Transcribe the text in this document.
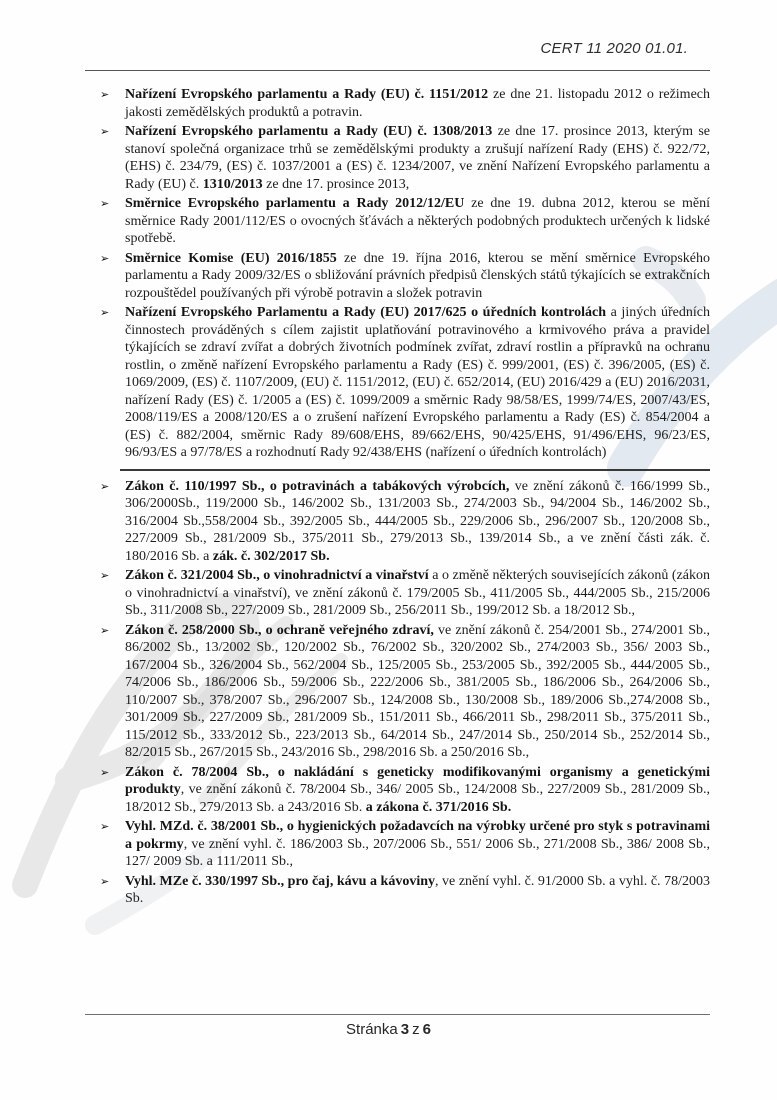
CERT 11 2020 01.01.
➢ Nařízení Evropského parlamentu a Rady (EU) č. 1151/2012 ze dne 21. listopadu 2012 o režimech jakosti zemědělských produktů a potravin.
➢ Nařízení Evropského parlamentu a Rady (EU) č. 1308/2013 ze dne 17. prosince 2013, kterým se stanoví společná organizace trhů se zemědělskými produkty a zrušují nařízení Rady (EHS) č. 922/72, (EHS) č. 234/79, (ES) č. 1037/2001 a (ES) č. 1234/2007, ve znění Nařízení Evropského parlamentu a Rady (EU) č. 1310/2013 ze dne 17. prosince 2013,
➢ Směrnice Evropského parlamentu a Rady 2012/12/EU ze dne 19. dubna 2012, kterou se mění směrnice Rady 2001/112/ES o ovocných šťávách a některých podobných produktech určených k lidské spotřebě.
➢ Směrnice Komise (EU) 2016/1855 ze dne 19. října 2016, kterou se mění směrnice Evropského parlamentu a Rady 2009/32/ES o sbližování právních předpisů členských států týkajících se extrakčních rozpouštědel používaných při výrobě potravin a složek potravin
➢ Nařízení Evropského Parlamentu a Rady (EU) 2017/625 o úředních kontrolách a jiných úředních činnostech prováděných s cílem zajistit uplatňování potravinového a krmivového práva a pravidel týkajících se zdraví zvířat a dobrých životních podmínek zvířat, zdraví rostlin a přípravků na ochranu rostlin, o změně nařízení Evropského parlamentu a Rady (ES) č. 999/2001, (ES) č. 396/2005, (ES) č. 1069/2009, (ES) č. 1107/2009, (EU) č. 1151/2012, (EU) č. 652/2014, (EU) 2016/429 a (EU) 2016/2031, nařízení Rady (ES) č. 1/2005 a (ES) č. 1099/2009 a směrnic Rady 98/58/ES, 1999/74/ES, 2007/43/ES, 2008/119/ES a 2008/120/ES a o zrušení nařízení Evropského parlamentu a Rady (ES) č. 854/2004 a (ES) č. 882/2004, směrnic Rady 89/608/EHS, 89/662/EHS, 90/425/EHS, 91/496/EHS, 96/23/ES, 96/93/ES a 97/78/ES a rozhodnutí Rady 92/438/EHS (nařízení o úředních kontrolách)
➢ Zákon č. 110/1997 Sb., o potravinách a tabákových výrobcích, ve znění zákonů č. 166/1999 Sb., 306/2000Sb., 119/2000 Sb., 146/2002 Sb., 131/2003 Sb., 274/2003 Sb., 94/2004 Sb., 146/2002 Sb., 316/2004 Sb.,558/2004 Sb., 392/2005 Sb., 444/2005 Sb., 229/2006 Sb., 296/2007 Sb., 120/2008 Sb., 227/2009 Sb., 281/2009 Sb., 375/2011 Sb., 279/2013 Sb., 139/2014 Sb., a ve znění části zák. č. 180/2016 Sb. a zák. č. 302/2017 Sb.
➢ Zákon č. 321/2004 Sb., o vinohradnictví a vinařství a o změně některých souvisejících zákonů (zákon o vinohradnictví a vinařství), ve znění zákonů č. 179/2005 Sb., 411/2005 Sb., 444/2005 Sb., 215/2006 Sb., 311/2008 Sb., 227/2009 Sb., 281/2009 Sb., 256/2011 Sb., 199/2012 Sb. a 18/2012 Sb.,
➢ Zákon č. 258/2000 Sb., o ochraně veřejného zdraví, ve znění zákonů č. 254/2001 Sb., 274/2001 Sb., 86/2002 Sb., 13/2002 Sb., 120/2002 Sb., 76/2002 Sb., 320/2002 Sb., 274/2003 Sb., 356/ 2003 Sb., 167/2004 Sb., 326/2004 Sb., 562/2004 Sb., 125/2005 Sb., 253/2005 Sb., 392/2005 Sb., 444/2005 Sb., 74/2006 Sb., 186/2006 Sb., 59/2006 Sb., 222/2006 Sb., 381/2005 Sb., 186/2006 Sb., 264/2006 Sb., 110/2007 Sb., 378/2007 Sb., 296/2007 Sb., 124/2008 Sb., 130/2008 Sb., 189/2006 Sb.,274/2008 Sb., 301/2009 Sb., 227/2009 Sb., 281/2009 Sb., 151/2011 Sb., 466/2011 Sb., 298/2011 Sb., 375/2011 Sb., 115/2012 Sb., 333/2012 Sb., 223/2013 Sb., 64/2014 Sb., 247/2014 Sb., 250/2014 Sb., 252/2014 Sb., 82/2015 Sb., 267/2015 Sb., 243/2016 Sb., 298/2016 Sb. a 250/2016 Sb.,
➢ Zákon č. 78/2004 Sb., o nakládání s geneticky modifikovanými organismy a genetickými produkty, ve znění zákonů č. 78/2004 Sb., 346/ 2005 Sb., 124/2008 Sb., 227/2009 Sb., 281/2009 Sb., 18/2012 Sb., 279/2013 Sb. a 243/2016 Sb. a zákona č. 371/2016 Sb.
➢ Vyhl. MZd. č. 38/2001 Sb., o hygienických požadavcích na výrobky určené pro styk s potravinami a pokrmy, ve znění vyhl. č. 186/2003 Sb., 207/2006 Sb., 551/ 2006 Sb., 271/2008 Sb., 386/ 2008 Sb., 127/ 2009 Sb. a 111/2011 Sb.,
➢ Vyhl. MZe č. 330/1997 Sb., pro čaj, kávu a kávoviny, ve znění vyhl. č. 91/2000 Sb. a vyhl. č. 78/2003 Sb.
Stránka 3 z 6
